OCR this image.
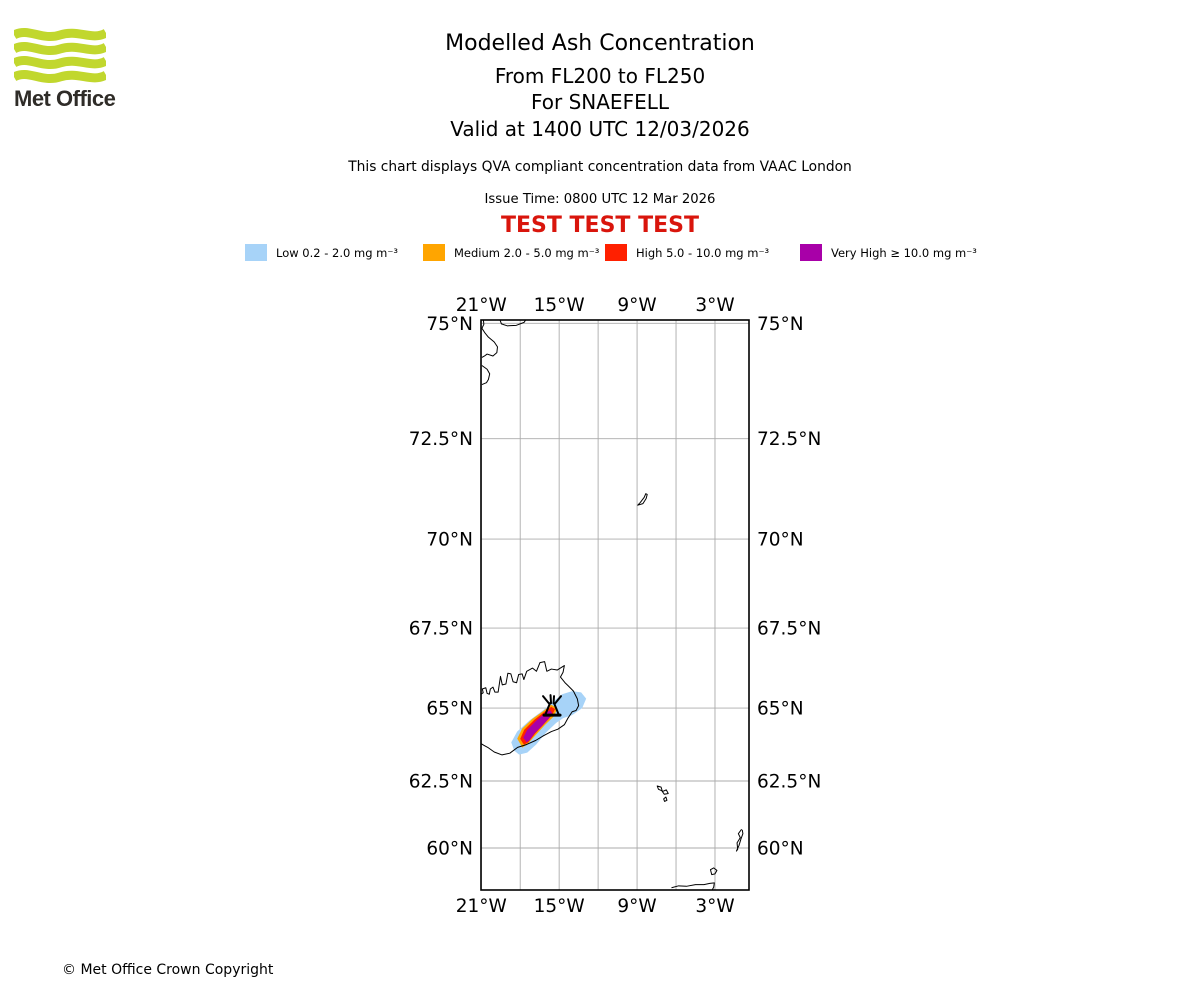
Met Office
Modelled Ash Concentration
From FL200 to FL250
For SNAEFELL
Valid at 1400 UTC 12/03/2026
This chart displays QVA compliant concentration data from VAAC London
Issue Time: 0800 UTC 12 Mar 2026
TEST TEST TEST
Low 0.2 - 2.0 mg m⁻³	Medium 2.0 - 5.0 mg m⁻³	High 5.0 - 10.0 mg m⁻³	Very High ≥ 10.0 mg m⁻³
21°W
21°W
15°W
15°W
9°W
9°W
3°W
3°W
75°N	75°N
72.5°N	72.5°N
70°N	70°N
67.5°N	67.5°N
65°N	65°N
62.5°N	62.5°N
60°N	60°N
© Met Office Crown Copyright
